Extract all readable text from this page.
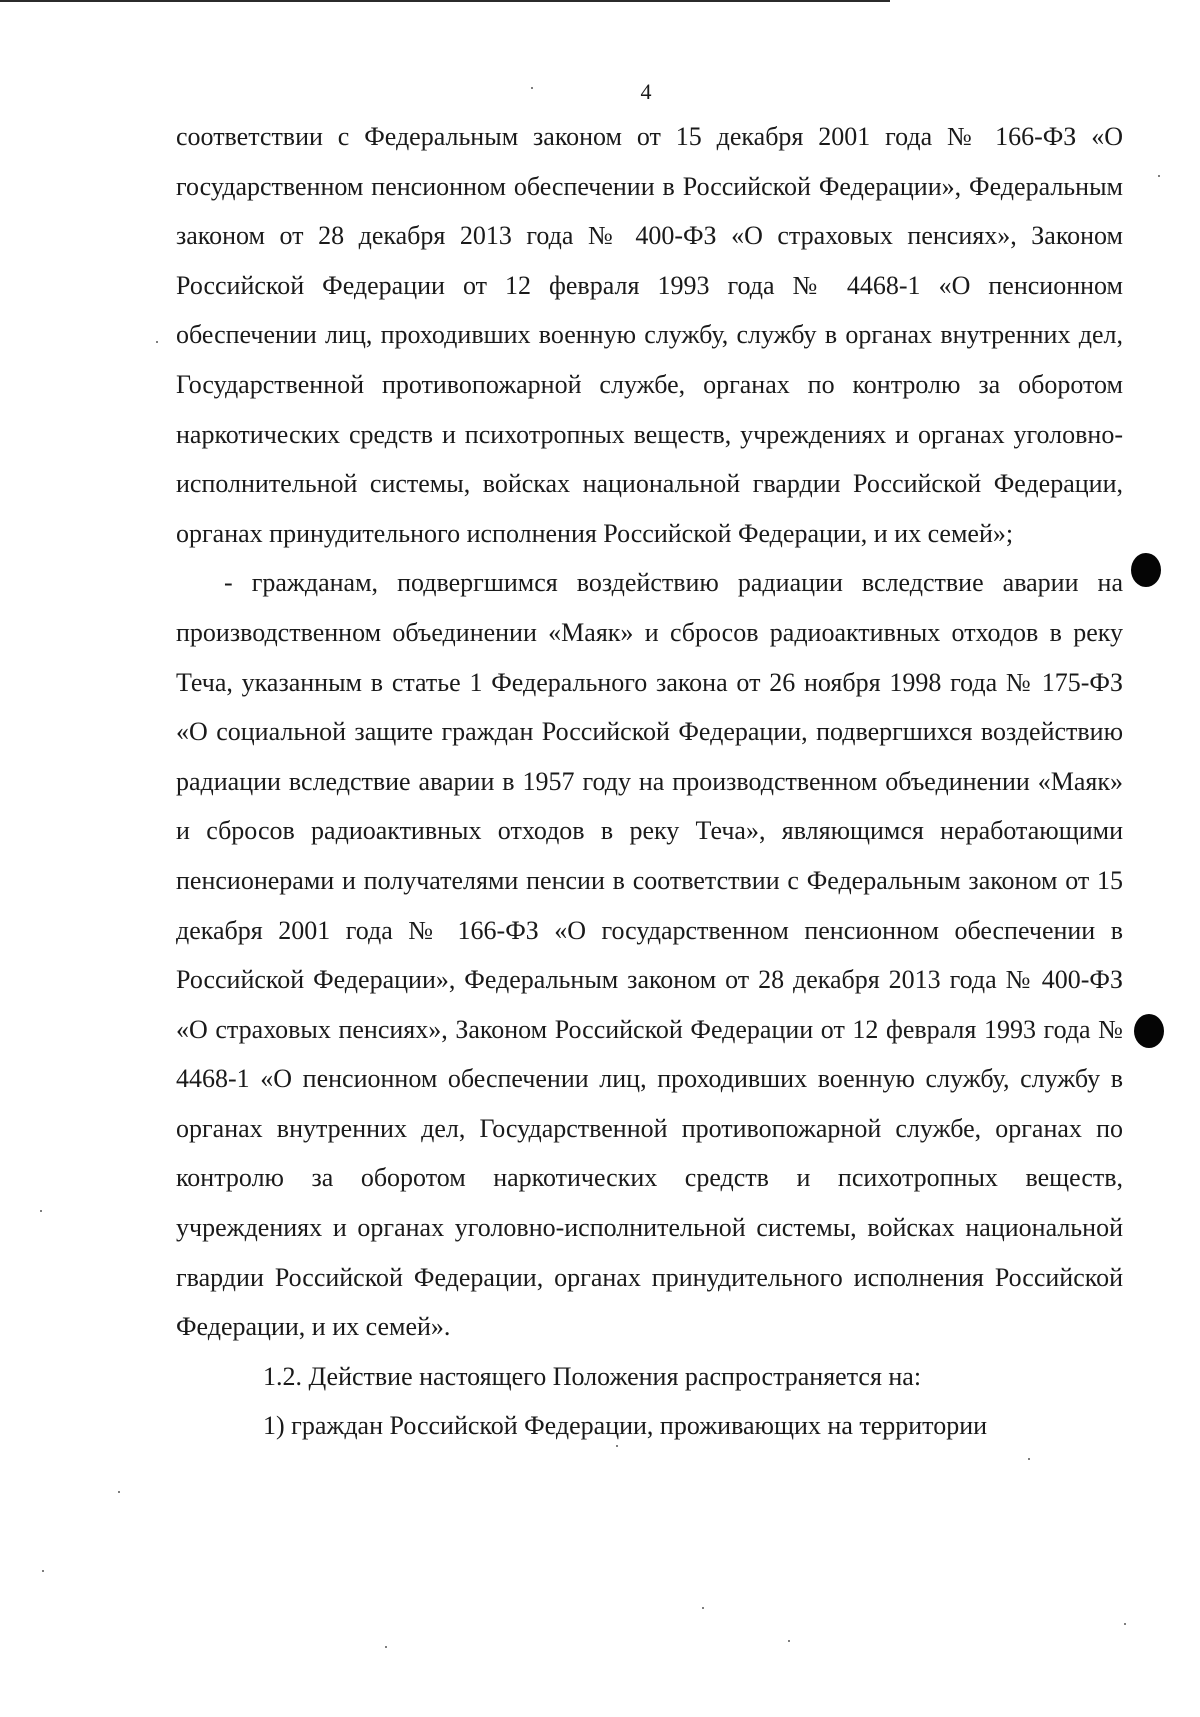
4

соответствии с Федеральным законом от 15 декабря 2001 года № 166-ФЗ «О государственном пенсионном обеспечении в Российской Федерации», Федеральным законом от 28 декабря 2013 года № 400-ФЗ «О страховых пенсиях», Законом Российской Федерации от 12 февраля 1993 года № 4468-1 «О пенсионном обеспечении лиц, проходивших военную службу, службу в органах внутренних дел, Государственной противопожарной службе, органах по контролю за оборотом наркотических средств и психотропных веществ, учреждениях и органах уголовно-исполнительной системы, войсках национальной гвардии Российской Федерации, органах принудительного исполнения Российской Федерации, и их семей»;

- гражданам, подвергшимся воздействию радиации вследствие аварии на производственном объединении «Маяк» и сбросов радиоактивных отходов в реку Теча, указанным в статье 1 Федерального закона от 26 ноября 1998 года № 175-ФЗ «О социальной защите граждан Российской Федерации, подвергшихся воздействию радиации вследствие аварии в 1957 году на производственном объединении «Маяк» и сбросов радиоактивных отходов в реку Теча», являющимся неработающими пенсионерами и получателями пенсии в соответствии с Федеральным законом от 15 декабря 2001 года № 166-ФЗ «О государственном пенсионном обеспечении в Российской Федерации», Федеральным законом от 28 декабря 2013 года № 400-ФЗ «О страховых пенсиях», Законом Российской Федерации от 12 февраля 1993 года № 4468-1 «О пенсионном обеспечении лиц, проходивших военную службу, службу в органах внутренних дел, Государственной противопожарной службе, органах по контролю за оборотом наркотических средств и психотропных веществ, учреждениях и органах уголовно-исполнительной системы, войсках национальной гвардии Российской Федерации, органах принудительного исполнения Российской Федерации, и их семей».

1.2. Действие настоящего Положения распространяется на:

1) граждан Российской Федерации, проживающих на территории
